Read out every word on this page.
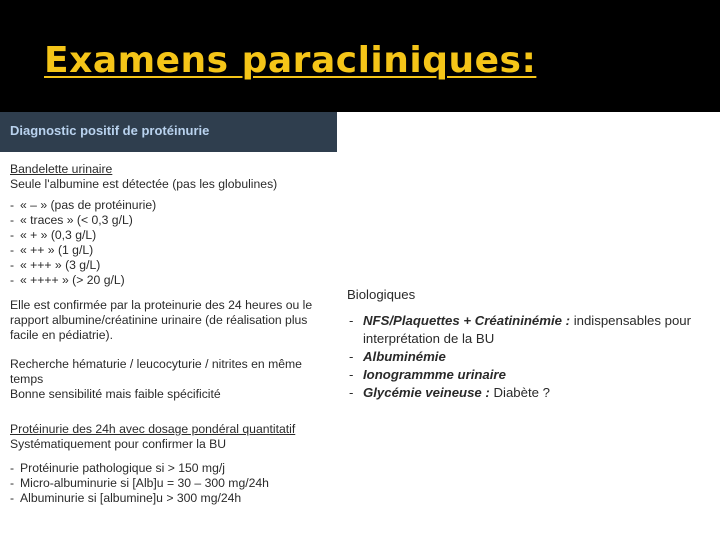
Examens paracliniques:
Diagnostic positif de protéinurie
Bandelette urinaire
Seule l'albumine est détectée (pas les globulines)
- « – » (pas de protéinurie)
- « traces » (< 0,3 g/L)
- « + » (0,3 g/L)
- « ++ » (1 g/L)
- « +++ » (3 g/L)
- « ++++ » (> 20 g/L)
Elle est confirmée par la proteinurie des 24 heures ou le rapport albumine/créatinine urinaire (de réalisation plus facile en pédiatrie).
Recherche hématurie / leucocyturie / nitrites en même temps
Bonne sensibilité mais faible spécificité
Protéinurie des 24h avec dosage pondéral quantitatif
Systématiquement pour confirmer la BU
- Protéinurie pathologique si > 150 mg/j
- Micro-albuminurie si [Alb]u = 30 – 300 mg/24h
- Albuminurie si [albumine]u > 300 mg/24h
Biologiques
- NFS/Plaquettes + Créatininémie : indispensables pour interprétation de la BU
- Albuminémie
- Ionogrammme urinaire
- Glycémie veineuse : Diabète ?
